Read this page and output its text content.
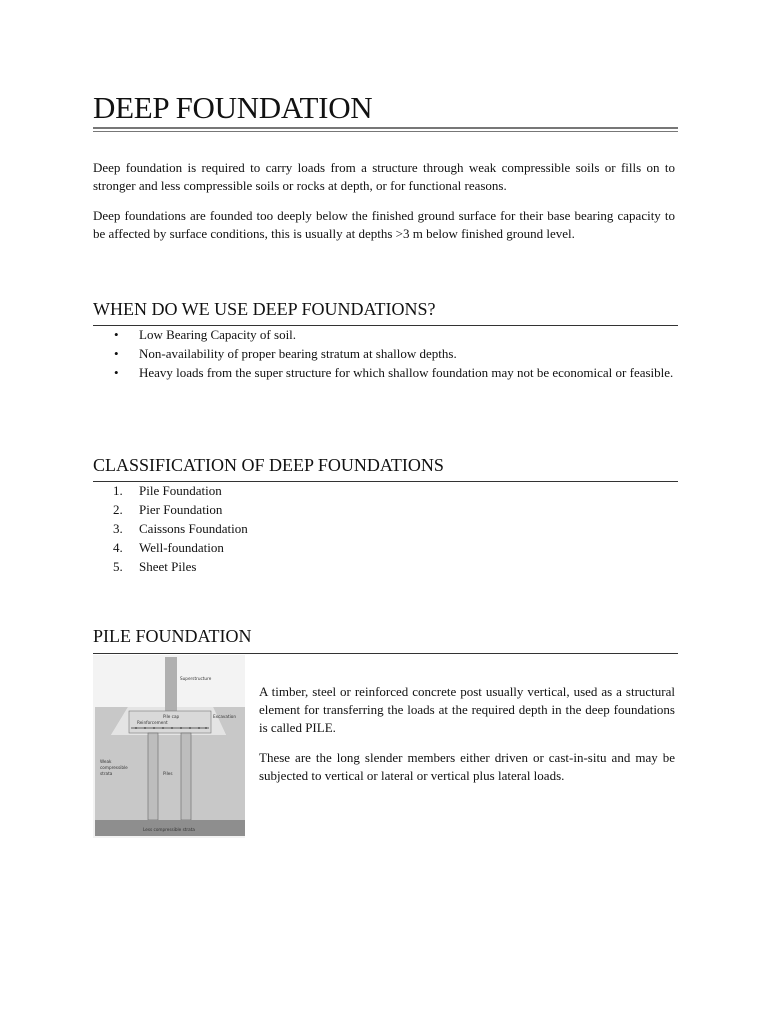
DEEP FOUNDATION

Deep foundation is required to carry loads from a structure through weak compressible soils or fills on to stronger and less compressible soils or rocks at depth, or for functional reasons.

Deep foundations are founded too deeply below the finished ground surface for their base bearing capacity to be affected by surface conditions, this is usually at depths >3 m below finished ground level.

WHEN DO WE USE DEEP FOUNDATIONS?
• Low Bearing Capacity of soil.
• Non-availability of proper bearing stratum at shallow depths.
• Heavy loads from the super structure for which shallow foundation may not be economical or feasible.
CLASSIFICATION OF DEEP FOUNDATIONS
1. Pile Foundation
2. Pier Foundation
3. Caissons Foundation
4. Well-foundation
5. Sheet Piles
PILE FOUNDATION
Superstructure
Pile cap
Reinforcement
Excavation
Weak
compressible
strata	Piles
Less compressible strata

A timber, steel or reinforced concrete post usually vertical, used as a structural element for transferring the loads at the required depth in the deep foundations is called PILE.

These are the long slender members either driven or cast-in-situ and may be subjected to vertical or lateral or vertical plus lateral loads.
